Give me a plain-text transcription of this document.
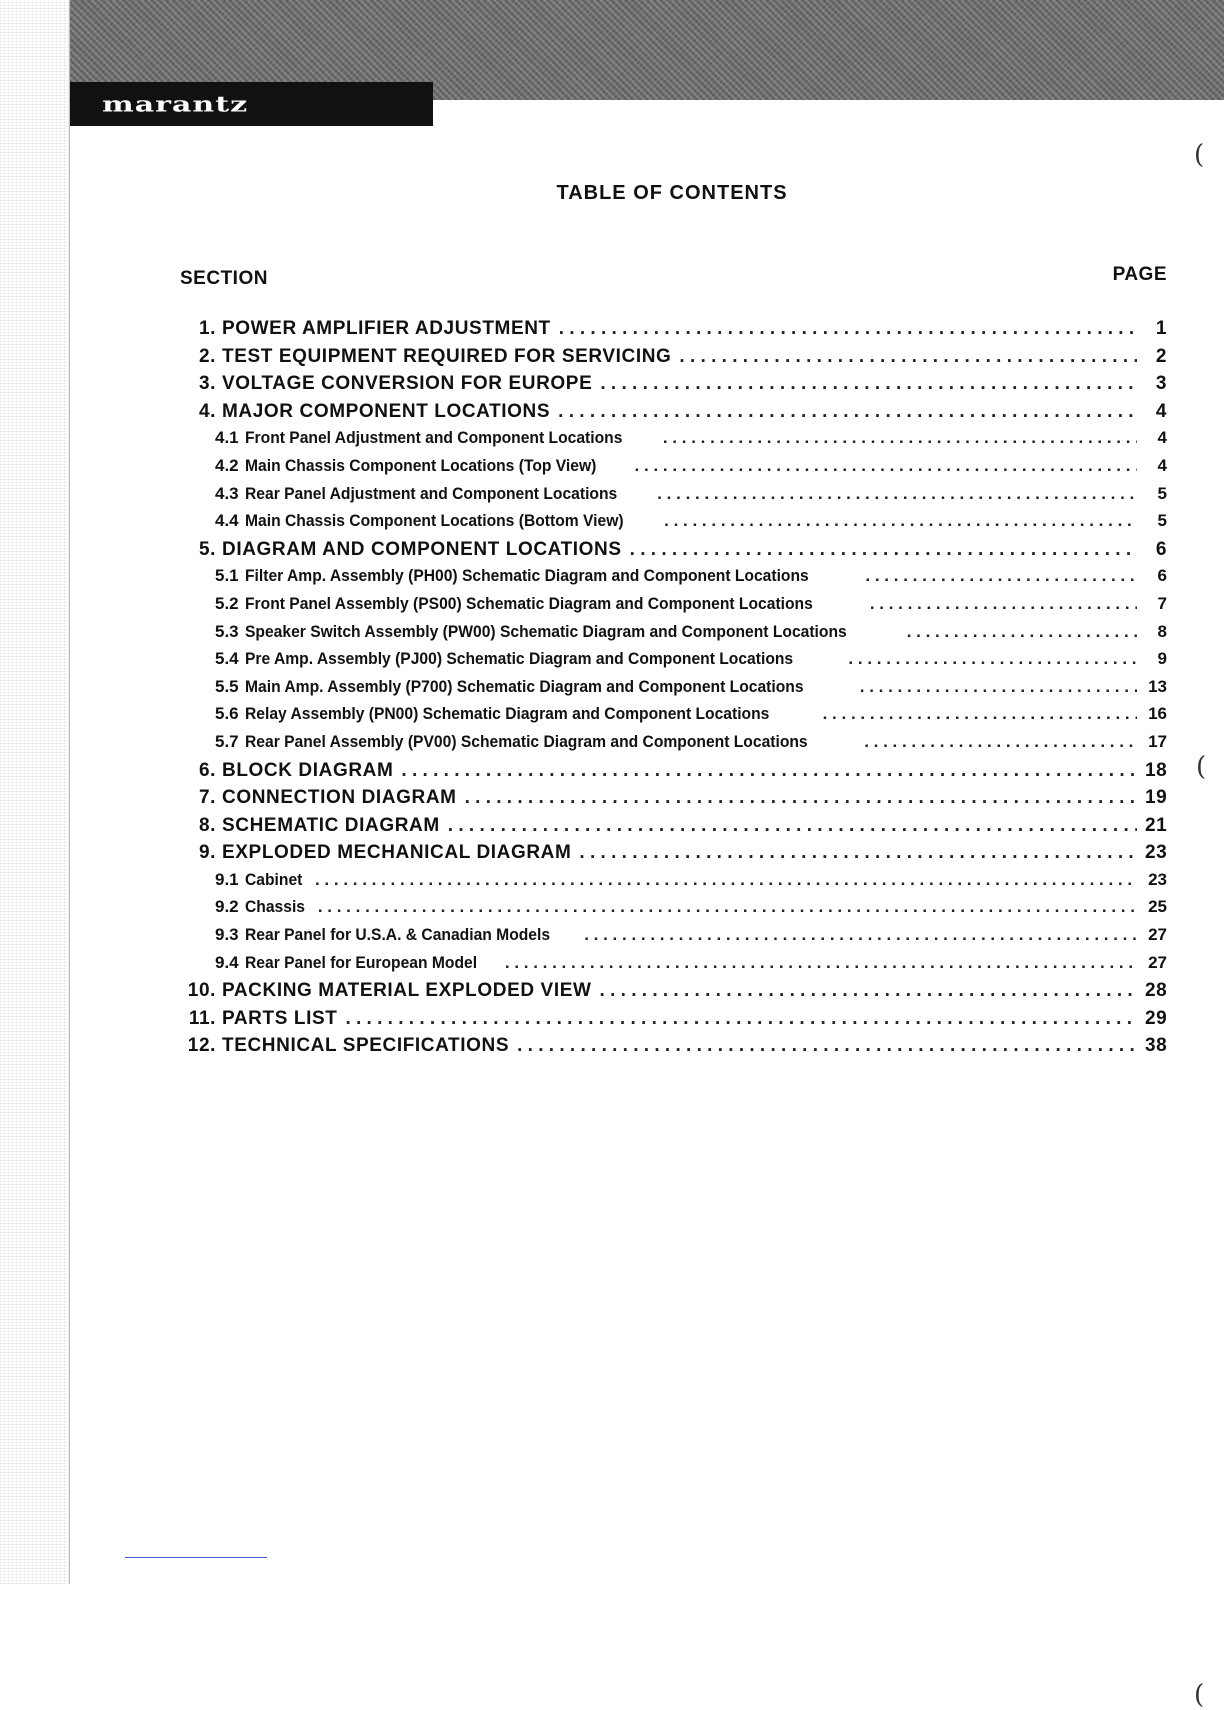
marantz
TABLE OF CONTENTS
SECTION	PAGE
1. POWER AMPLIFIER ADJUSTMENT . . .	1
2. TEST EQUIPMENT REQUIRED FOR SERVICING . . .	2
3. VOLTAGE CONVERSION FOR EUROPE . . .	3
4. MAJOR COMPONENT LOCATIONS . . .	4
4.1 Front Panel Adjustment and Component Locations . . .	4
4.2 Main Chassis Component Locations (Top View) . . .	4
4.3 Rear Panel Adjustment and Component Locations . . .	5
4.4 Main Chassis Component Locations (Bottom View) . . .	5
5. DIAGRAM AND COMPONENT LOCATIONS . . .	6
5.1 Filter Amp. Assembly (PH00) Schematic Diagram and Component Locations . . .	6
5.2 Front Panel Assembly (PS00) Schematic Diagram and Component Locations . . .	7
5.3 Speaker Switch Assembly (PW00) Schematic Diagram and Component Locations . . .	8
5.4 Pre Amp. Assembly (PJ00) Schematic Diagram and Component Locations . . .	9
5.5 Main Amp. Assembly (P700) Schematic Diagram and Component Locations . . .	13
5.6 Relay Assembly (PN00) Schematic Diagram and Component Locations . . .	16
5.7 Rear Panel Assembly (PV00) Schematic Diagram and Component Locations . . .	17
6. BLOCK DIAGRAM . . .	18
7. CONNECTION DIAGRAM . . .	19
8. SCHEMATIC DIAGRAM . . .	21
9. EXPLODED MECHANICAL DIAGRAM . . .	23
9.1 Cabinet . . .	23
9.2 Chassis . . .	25
9.3 Rear Panel for U.S.A. & Canadian Models . . .	27
9.4 Rear Panel for European Model . . .	27
10. PACKING MATERIAL EXPLODED VIEW . . .	28
11. PARTS LIST . . .	29
12. TECHNICAL SPECIFICATIONS . . .	38
(
(
(
